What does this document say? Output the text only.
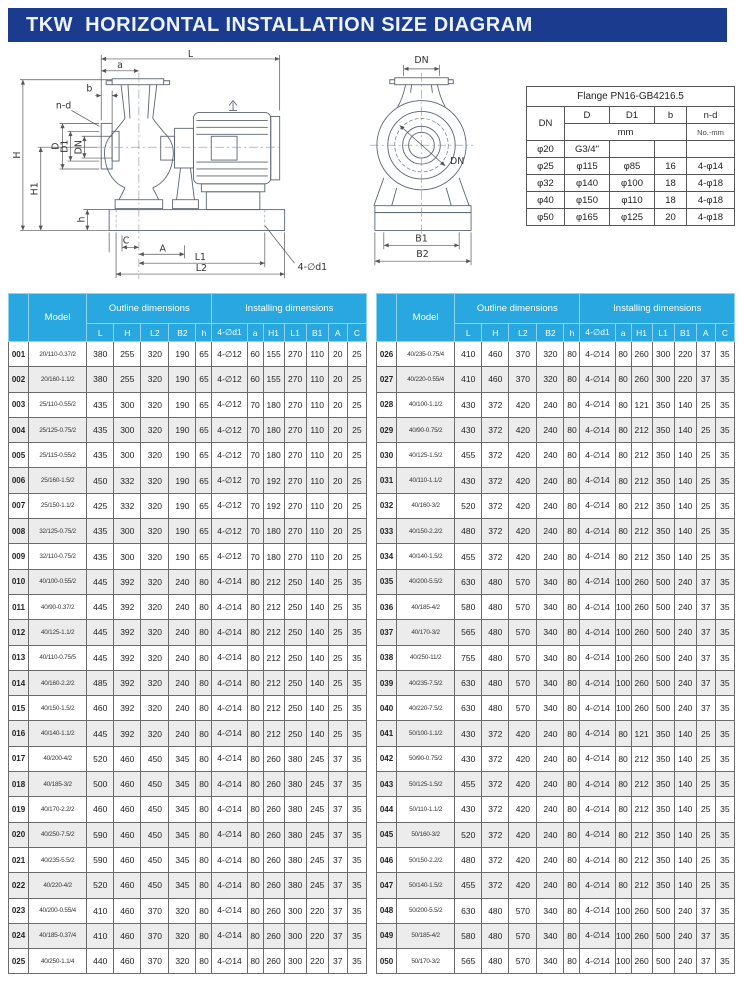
TKW  HORIZONTAL INSTALLATION SIZE DIAGRAM
L
a
b
n-d
D
D1 DN
H
H1
h
C
A
L1
L2	4-∅d1
DN
DN
B1
B2
Flange PN16-GB4216.5				
DN	D	D1	b	n-d
	mm			No.-mm
φ20	G3/4"			
φ25	φ115	φ85	16	4-φ14
φ32	φ140	φ100	18	4-φ18
φ40	φ150	φ110	18	4-φ18
φ50	φ165	φ125	20	4-φ18
	Model	Outline dimensions					Installing dimensions						
		L	H	L2	B2	h	4-∅d1	a	H1	L1	B1	A	C
001	20/110-0.37/2	380	255	320	190	65	4-∅12	60	155	270	110	20	25
002	20/160-1.1/2	380	255	320	190	65	4-∅12	60	155	270	110	20	25
003	25/110-0.55/2	435	300	320	190	65	4-∅12	70	180	270	110	20	25
004	25/125-0.75/2	435	300	320	190	65	4-∅12	70	180	270	110	20	25
005	25/115-0.55/2	435	300	320	190	65	4-∅12	70	180	270	110	20	25
006	25/160-1.5/2	450	332	320	190	65	4-∅12	70	192	270	110	20	25
007	25/150-1.1/2	425	332	320	190	65	4-∅12	70	192	270	110	20	25
008	32/125-0.75/2	435	300	320	190	65	4-∅12	70	180	270	110	20	25
009	32/110-0.75/2	435	300	320	190	65	4-∅12	70	180	270	110	20	25
010	40/100-0.55/2	445	392	320	240	80	4-∅14	80	212	250	140	25	35
011	40/90-0.37/2	445	392	320	240	80	4-∅14	80	212	250	140	25	35
012	40/125-1.1/2	445	392	320	240	80	4-∅14	80	212	250	140	25	35
013	40/110-0.75/5	445	392	320	240	80	4-∅14	80	212	250	140	25	35
014	40/160-2.2/2	485	392	320	240	80	4-∅14	80	212	250	140	25	35
015	40/150-1.5/2	460	392	320	240	80	4-∅14	80	212	250	140	25	35
016	40/140-1.1/2	445	392	320	240	80	4-∅14	80	212	250	140	25	35
017	40/200-4/2	520	460	450	345	80	4-∅14	80	260	380	245	37	35
018	40/185-3/2	500	460	450	345	80	4-∅14	80	260	380	245	37	35
019	40/170-2.2/2	460	460	450	345	80	4-∅14	80	260	380	245	37	35
020	40/250-7.5/2	590	460	450	345	80	4-∅14	80	260	380	245	37	35
021	40/235-5.5/2	590	460	450	345	80	4-∅14	80	260	380	245	37	35
022	40/220-4/2	520	460	450	345	80	4-∅14	80	260	380	245	37	35
023	40/200-0.55/4	410	460	370	320	80	4-∅14	80	260	300	220	37	35
024	40/185-0.37/4	410	460	370	320	80	4-∅14	80	260	300	220	37	35
025	40/250-1.1/4	440	460	370	320	80	4-∅14	80	260	300	220	37	35
	Model	Outline dimensions					Installing dimensions						
		L	H	L2	B2	h	4-∅d1	a	H1	L1	B1	A	C
026	40/235-0.75/4	410	460	370	320	80	4-∅14	80	260	300	220	37	35
027	40/220-0.55/4	410	460	370	320	80	4-∅14	80	260	300	220	37	35
028	40/100-1.1/2	430	372	420	240	80	4-∅14	80	121	350	140	25	35
029	40/90-0.75/2	430	372	420	240	80	4-∅14	80	212	350	140	25	35
030	40/125-1.5/2	455	372	420	240	80	4-∅14	80	212	350	140	25	35
031	40/110-1.1/2	430	372	420	240	80	4-∅14	80	212	350	140	25	35
032	40/160-3/2	520	372	420	240	80	4-∅14	80	212	350	140	25	35
033	40/150-2.2/2	480	372	420	240	80	4-∅14	80	212	350	140	25	35
034	40/140-1.5/2	455	372	420	240	80	4-∅14	80	212	350	140	25	35
035	40/200-5.5/2	630	480	570	340	80	4-∅14	100	260	500	240	37	35
036	40/185-4/2	580	480	570	340	80	4-∅14	100	260	500	240	37	35
037	40/170-3/2	565	480	570	340	80	4-∅14	100	260	500	240	37	35
038	40/250-11/2	755	480	570	340	80	4-∅14	100	260	500	240	37	35
039	40/235-7.5/2	630	480	570	340	80	4-∅14	100	260	500	240	37	35
040	40/220-7.5/2	630	480	570	340	80	4-∅14	100	260	500	240	37	35
041	50/100-1.1/2	430	372	420	240	80	4-∅14	80	121	350	140	25	35
042	50/90-0.75/2	430	372	420	240	80	4-∅14	80	212	350	140	25	35
043	50/125-1.5/2	455	372	420	240	80	4-∅14	80	212	350	140	25	35
044	50/110-1.1/2	430	372	420	240	80	4-∅14	80	212	350	140	25	35
045	50/160-3/2	520	372	420	240	80	4-∅14	80	212	350	140	25	35
046	50/150-2.2/2	480	372	420	240	80	4-∅14	80	212	350	140	25	35
047	50/140-1.5/2	455	372	420	240	80	4-∅14	80	212	350	140	25	35
048	50/200-5.5/2	630	480	570	340	80	4-∅14	100	260	500	240	37	35
049	50/185-4/2	580	480	570	340	80	4-∅14	100	260	500	240	37	35
050	50/170-3/2	565	480	570	340	80	4-∅14	100	260	500	240	37	35
